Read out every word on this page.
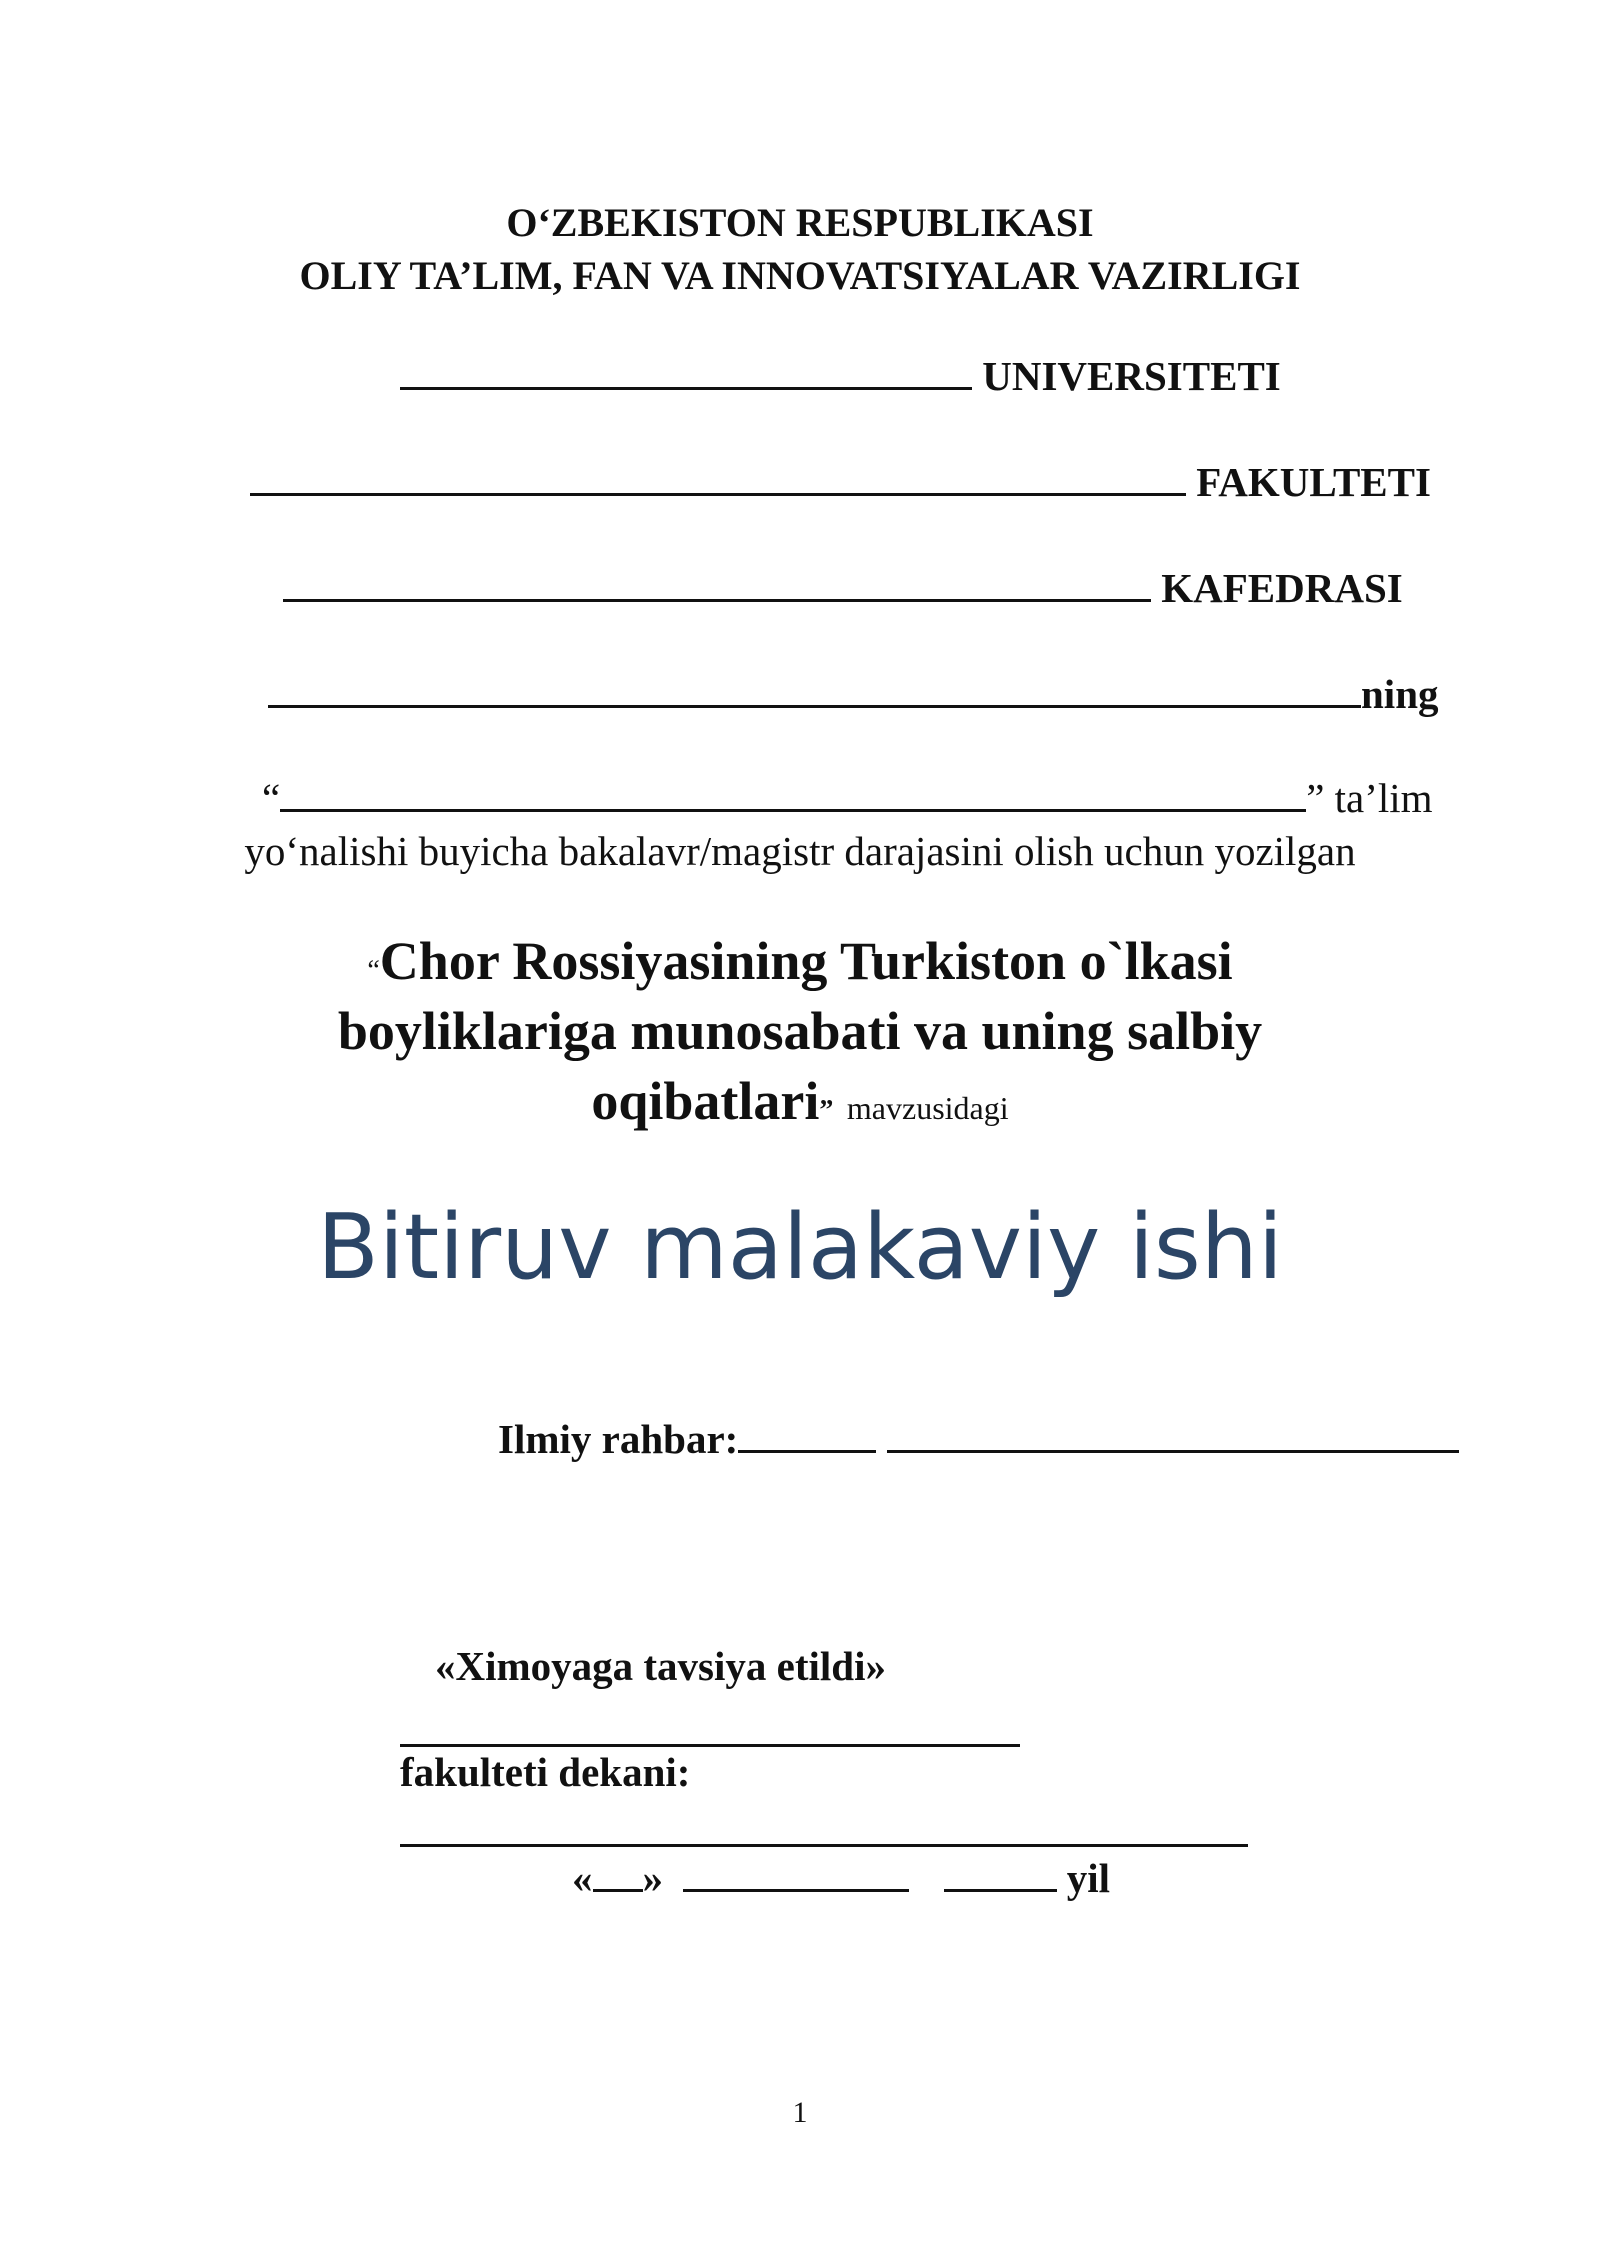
O‘ZBEKISTON RESPUBLIKASI
OLIY TA’LIM, FAN VA INNOVATSIYALAR VAZIRLIGI
UNIVERSITETI
FAKULTETI
KAFEDRASI
ning
“	” ta’lim
yo‘nalishi buyicha bakalavr/magistr darajasini olish uchun yozilgan
“Chor Rossiyasining Turkiston o`lkasi
boyliklariga munosabati va uning salbiy
oqibatlari” mavzusidagi
Bitiruv malakaviy ishi
Ilmiy rahbar:
«Ximoyaga tavsiya etildi»
fakulteti dekani:
« »	yil
1
